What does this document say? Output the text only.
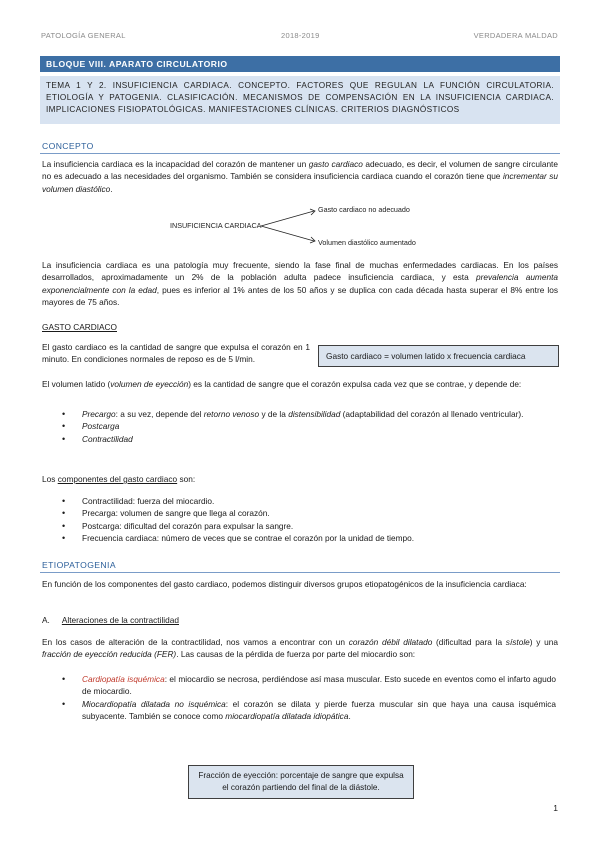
PATOLOGÍA GENERAL	2018-2019	VERDADERA MALDAD
BLOQUE VIII. APARATO CIRCULATORIO
TEMA 1 Y 2. INSUFICIENCIA CARDIACA. CONCEPTO. FACTORES QUE REGULAN LA FUNCIÓN CIRCULATORIA. ETIOLOGÍA Y PATOGENIA. CLASIFICACIÓN. MECANISMOS DE COMPENSACIÓN EN LA INSUFICIENCIA CARDIACA. IMPLICACIONES FISIOPATOLÓGICAS. MANIFESTACIONES CLÍNICAS. CRITERIOS DIAGNÓSTICOS
CONCEPTO
La insuficiencia cardiaca es la incapacidad del corazón de mantener un gasto cardiaco adecuado, es decir, el volumen de sangre circulante no es adecuado a las necesidades del organismo. También se considera insuficiencia cardiaca cuando el corazón tiene que incrementar su volumen diastólico.
INSUFICIENCIA CARDIACA
Gasto cardiaco no adecuado
Volumen diastólico aumentado
La insuficiencia cardiaca es una patología muy frecuente, siendo la fase final de muchas enfermedades cardiacas. En los países desarrollados, aproximadamente un 2% de la población adulta padece insuficiencia cardiaca, y esta prevalencia aumenta exponencialmente con la edad, pues es inferior al 1% antes de los 50 años y se duplica con cada década hasta superar el 8% entre los mayores de 75 años.
GASTO CARDIACO
El gasto cardiaco es la cantidad de sangre que expulsa el corazón en 1 minuto. En condiciones normales de reposo es de 5 l/min.	Gasto cardiaco = volumen latido x frecuencia cardiaca
El volumen latido (volumen de eyección) es la cantidad de sangre que el corazón expulsa cada vez que se contrae, y depende de:
• Precargo: a su vez, depende del retorno venoso y de la distensibilidad (adaptabilidad del corazón al llenado ventricular).
• Postcarga
• Contractilidad
Los componentes del gasto cardiaco son:
• Contractilidad: fuerza del miocardio.
• Precarga: volumen de sangre que llega al corazón.
• Postcarga: dificultad del corazón para expulsar la sangre.
• Frecuencia cardiaca: número de veces que se contrae el corazón por la unidad de tiempo.
ETIOPATOGENIA
En función de los componentes del gasto cardiaco, podemos distinguir diversos grupos etiopatogénicos de la insuficiencia cardiaca:
A. Alteraciones de la contractilidad
En los casos de alteración de la contractilidad, nos vamos a encontrar con un corazón débil dilatado (dificultad para la sístole) y una fracción de eyección reducida (FER). Las causas de la pérdida de fuerza por parte del miocardio son:
• Cardiopatía isquémica: el miocardio se necrosa, perdiéndose así masa muscular. Esto sucede en eventos como el infarto agudo de miocardio.
• Miocardiopatía dilatada no isquémica: el corazón se dilata y pierde fuerza muscular sin que haya una causa isquémica subyacente. También se conoce como miocardiopatía dilatada idiopática.
Fracción de eyección: porcentaje de sangre que expulsa el corazón partiendo del final de la diástole.
1
